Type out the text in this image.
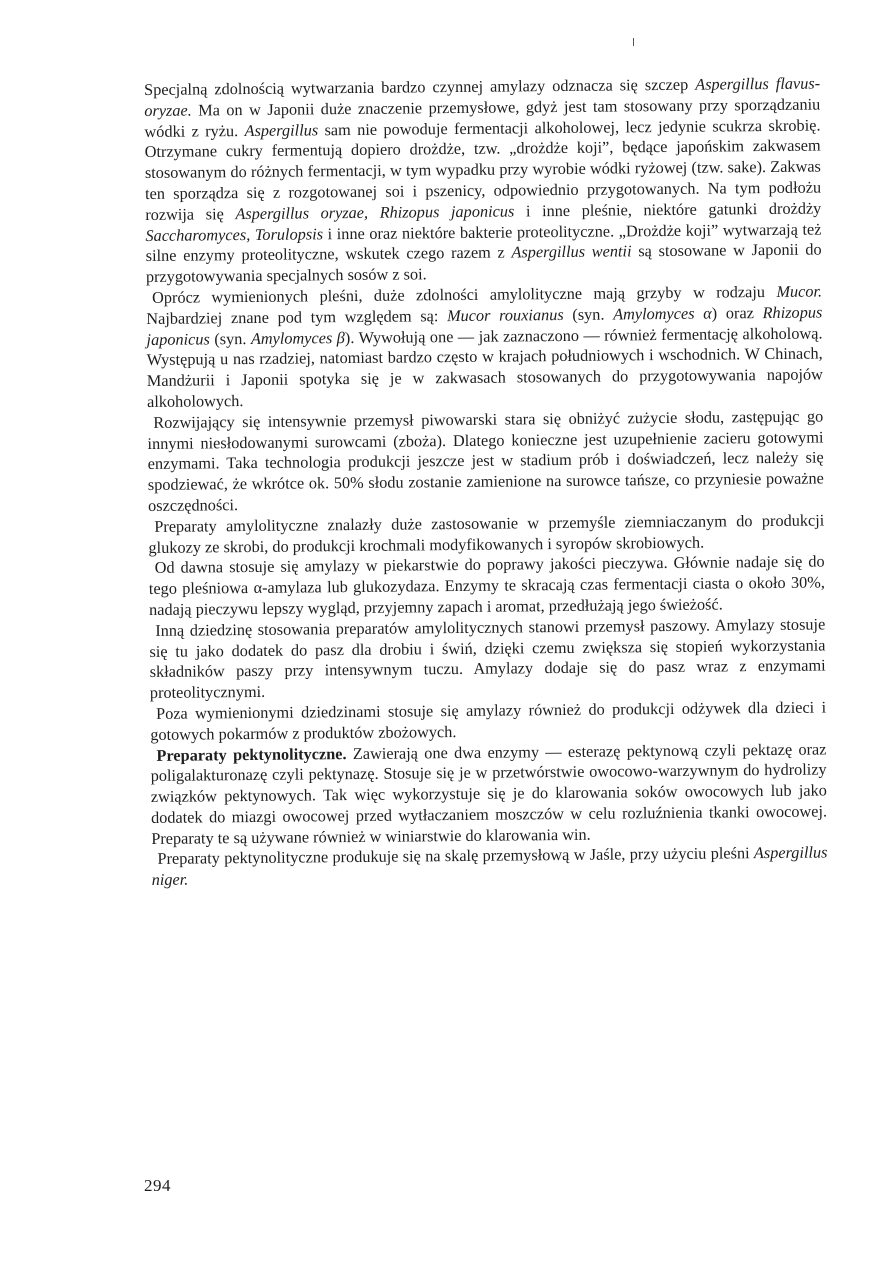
Specjalną zdolnością wytwarzania bardzo czynnej amylazy odznacza się szczep Aspergillus flavus-oryzae. Ma on w Japonii duże znaczenie przemysłowe, gdyż jest tam stosowany przy sporządzaniu wódki z ryżu. Aspergillus sam nie powoduje fermentacji alkoholowej, lecz jedynie scukrza skrobię. Otrzymane cukry fermentują dopiero drożdże, tzw. „drożdże koji”, będące japońskim zakwasem stosowanym do różnych fermentacji, w tym wypadku przy wyrobie wódki ryżowej (tzw. sake). Zakwas ten sporządza się z rozgotowanej soi i pszenicy, odpowiednio przygotowanych. Na tym podłożu rozwija się Aspergillus oryzae, Rhizopus japonicus i inne pleśnie, niektóre gatunki drożdży Saccharomyces, Torulopsis i inne oraz niektóre bakterie proteolityczne. „Drożdże koji” wytwarzają też silne enzymy proteolityczne, wskutek czego razem z Aspergillus wentii są stosowane w Japonii do przygotowywania specjalnych sosów z soi.

Oprócz wymienionych pleśni, duże zdolności amylolityczne mają grzyby w rodzaju Mucor. Najbardziej znane pod tym względem są: Mucor rouxianus (syn. Amylomyces α) oraz Rhizopus japonicus (syn. Amylomyces β). Wywołują one — jak zaznaczono — również fermentację alkoholową. Występują u nas rzadziej, natomiast bardzo często w krajach południowych i wschodnich. W Chinach, Mandżurii i Japonii spotyka się je w zakwasach stosowanych do przygotowywania napojów alkoholowych.

Rozwijający się intensywnie przemysł piwowarski stara się obniżyć zużycie słodu, zastępując go innymi niesłodowanymi surowcami (zboża). Dlatego konieczne jest uzupełnienie zacieru gotowymi enzymami. Taka technologia produkcji jeszcze jest w stadium prób i doświadczeń, lecz należy się spodziewać, że wkrótce ok. 50% słodu zostanie zamienione na surowce tańsze, co przyniesie poważne oszczędności.

Preparaty amylolityczne znalazły duże zastosowanie w przemyśle ziemniaczanym do produkcji glukozy ze skrobi, do produkcji krochmali modyfikowanych i syropów skrobiowych.

Od dawna stosuje się amylazy w piekarstwie do poprawy jakości pieczywa. Głównie nadaje się do tego pleśniowa α-amylaza lub glukozydaza. Enzymy te skracają czas fermentacji ciasta o około 30%, nadają pieczywu lepszy wygląd, przyjemny zapach i aromat, przedłużają jego świeżość.

Inną dziedzinę stosowania preparatów amylolitycznych stanowi przemysł paszowy. Amylazy stosuje się tu jako dodatek do pasz dla drobiu i świń, dzięki czemu zwiększa się stopień wykorzystania składników paszy przy intensywnym tuczu. Amylazy dodaje się do pasz wraz z enzymami proteolitycznymi.

Poza wymienionymi dziedzinami stosuje się amylazy również do produkcji odżywek dla dzieci i gotowych pokarmów z produktów zbożowych.

Preparaty pektynolityczne. Zawierają one dwa enzymy — esterazę pektynową czyli pektazę oraz poligalakturonazę czyli pektynazę. Stosuje się je w przetwórstwie owocowo-warzywnym do hydrolizy związków pektynowych. Tak więc wykorzystuje się je do klarowania soków owocowych lub jako dodatek do miazgi owocowej przed wytłaczaniem moszczów w celu rozluźnienia tkanki owocowej. Preparaty te są używane również w winiarstwie do klarowania win.

Preparaty pektynolityczne produkuje się na skalę przemysłową w Jaśle, przy użyciu pleśni Aspergillus niger.

294
